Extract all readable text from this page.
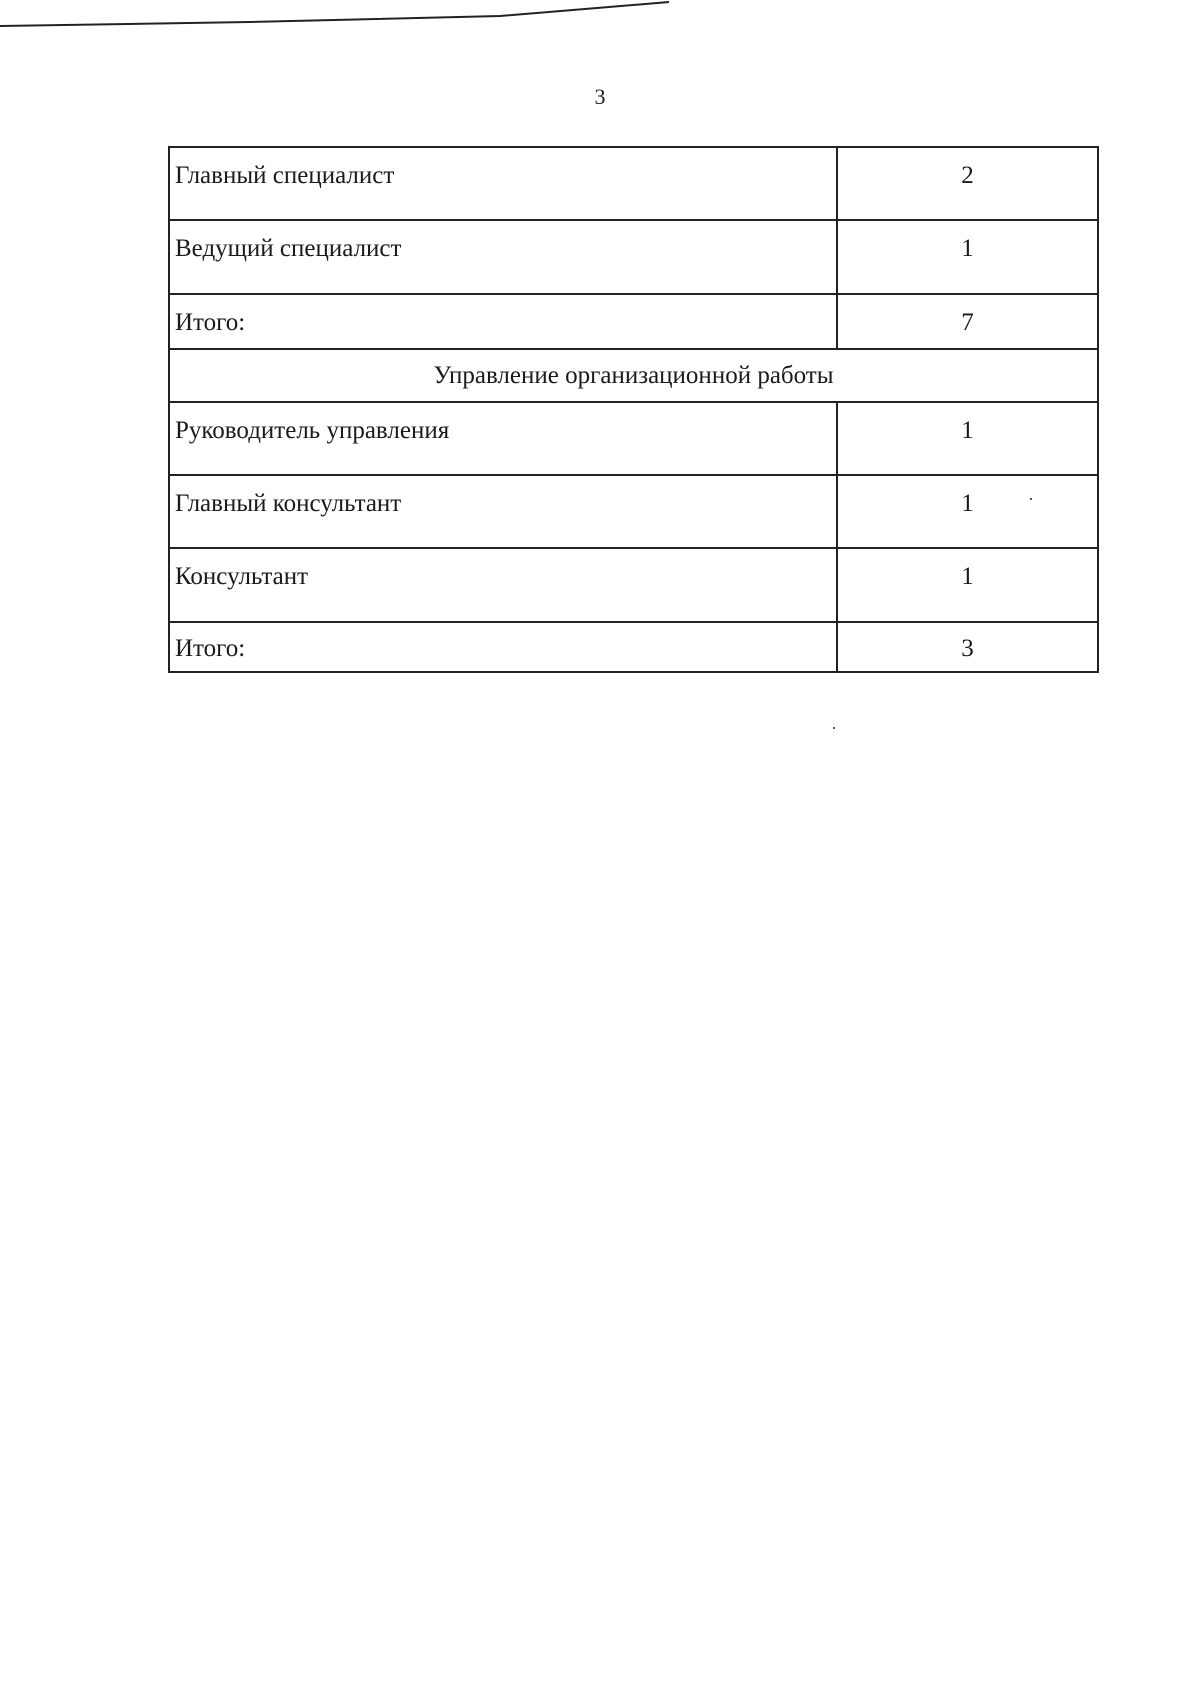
3
Главный специалист	2
Ведущий специалист	1
Итого:	7
Управление организационной работы	
Руководитель управления	1
Главный консультант	1
Консультант	1
Итого:	3
